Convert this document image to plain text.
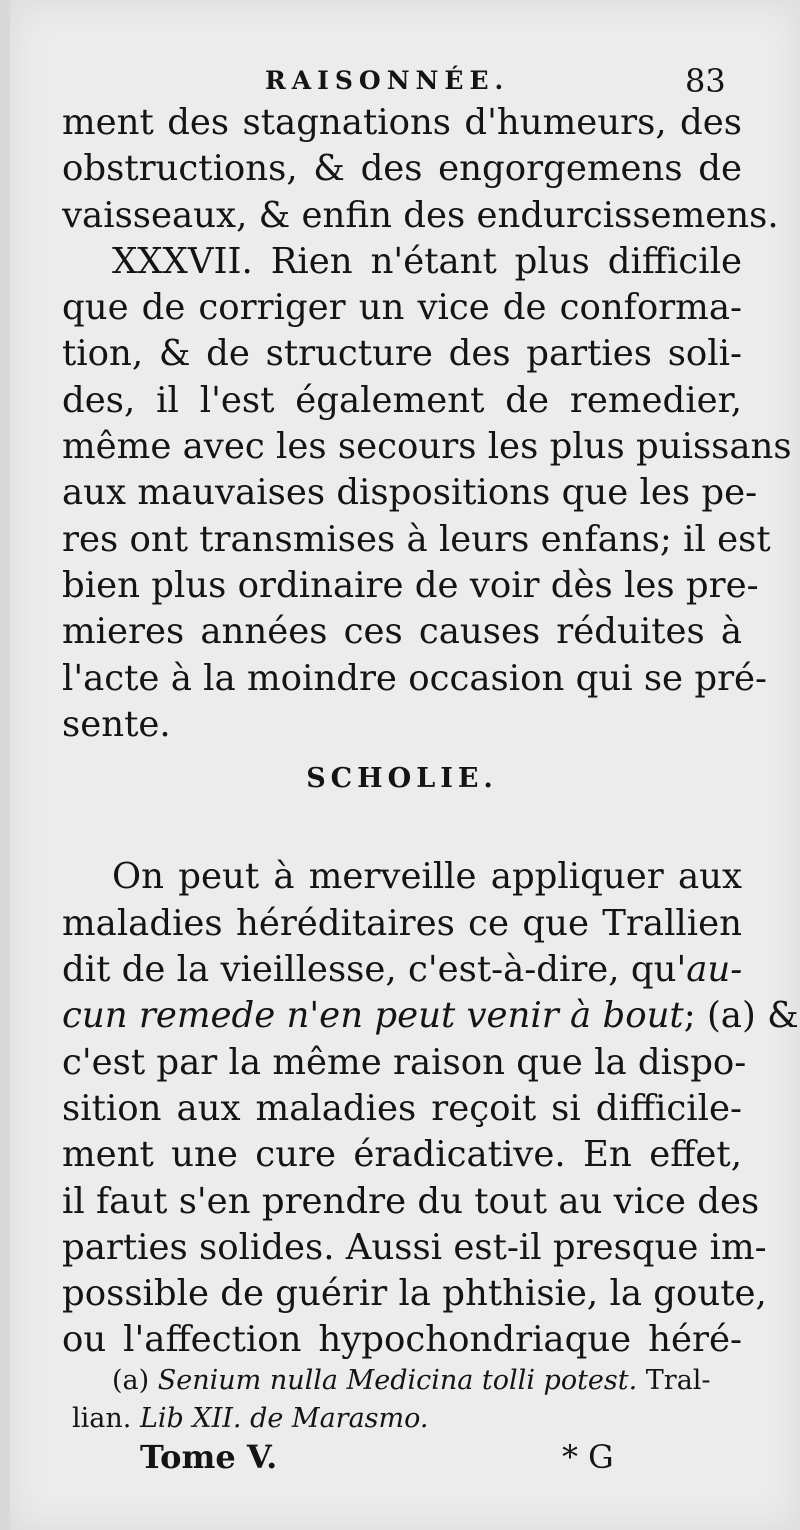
RAISONNÉE.	83
ment des stagnations d'humeurs, des
obstructions, & des engorgemens de
vaisseaux, & enfin des endurcissemens.
XXXVII. Rien n'étant plus difficile
que de corriger un vice de conforma-
tion, & de structure des parties soli-
des, il l'est également de remedier,
même avec les secours les plus puissans
aux mauvaises dispositions que les pe-
res ont transmises à leurs enfans; il est
bien plus ordinaire de voir dès les pre-
mieres années ces causes réduites à
l'acte à la moindre occasion qui se pré-
sente.
SCHOLIE.
On peut à merveille appliquer aux
maladies héréditaires ce que Trallien
dit de la vieillesse, c'est-à-dire, qu'au-
cun remede n'en peut venir à bout; (a) &
c'est par la même raison que la dispo-
sition aux maladies reçoit si difficile-
ment une cure éradicative. En effet,
il faut s'en prendre du tout au vice des
parties solides. Aussi est-il presque im-
possible de guérir la phthisie, la goute,
ou l'affection hypochondriaque héré-
(a) Senium nulla Medicina tolli potest. Tral-
lian. Lib XII. de Marasmo.
Tome V.	* G
